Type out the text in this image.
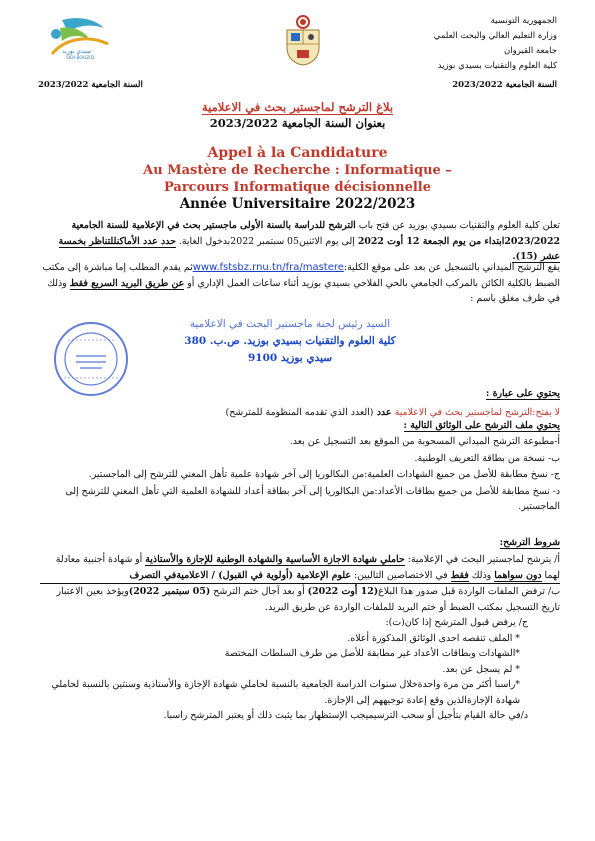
سيدي بوزيد
SIDI BOUZID
الجمهورية التونسية
وزارة التعليم العالي والبحث العلمي
جامعة القيروان
كلية العلوم والتقنيات بسيدي بوزيد
السنة الجامعية 2023/2022
السنة الجامعية 2023/2022
بلاغ الترشح لماجستير بحث في الاعلامية
بعنوان السنة الجامعية 2023/2022
Appel à la Candidature
Au Mastère de Recherche : Informatique – Parcours Informatique décisionnelle
Année Universitaire 2022/2023
تعلن كلية العلوم والتقنيات بسيدي بوزيد عن فتح باب الترشح للدراسة بالسنة الأولى ماجستير بحث في الإعلامية للسنة الجامعية 2023/2022ابتداء من يوم الجمعة 12 أوت 2022 إلى يوم الاثنين05 سبتمبر 2022بدخول الغاية. حدد عدد الأماكنللتناظر بخمسة عشر (15).
يقع الترشح الميداني بالتسجيل عن بعد على موقع الكلية:www.fstsbz.rnu.tn/fra/mastereثم يقدم المطلب إما مباشرة إلى مكتب الضبط بالكلية الكائن بالمركب الجامعي بالحي الفلاحي بسيدي بوزيد أثناء ساعات العمل الإداري أو عن طريق البريد السريع فقط وذلك في ظرف مغلق باسم :
السيد رئيس لجنة ماجستير البحث في الاعلامية
كلية العلوم والتقنيات بسيدي بوزيد. ص.ب. 380
سيدي بوزيد 9100
يحتوي على عبارة :
لا يفتح:الترشح لماجستير بحث في الاعلامية عدد (العدد الذي تقدمه المنظومة للمترشح)
يحتوي ملف الترشح على الوثائق التالية :
أ-مطبوعة الترشح الميداني المسحوبة من الموقع بعد التسجيل عن بعد.
ب- نسخة من بطاقة التعريف الوطنية.
ج- نسخ مطابقة للأصل من جميع الشهادات العلمية:من البكالوريا إلى آخر شهادة علمية تأهل المعني للترشح إلى الماجستير.
د- نسخ مطابقة للأصل من جميع بطاقات الأعداد:من البكالوريا إلى آخر بطاقة أعداد للشهادة العلمية التي تأهل المعني للترشح إلى الماجستير.
شروط الترشح:
أ/ يترشح لماجستير البحث في الإعلامية: حاملي شهادة الاجازة الأساسية والشهادة الوطنية للإجازة والأستاذية أو شهادة أجنبية معادلة لهما دون سواهما وذلك فقط في الاختصاصين التاليين: علوم الإعلامية (أولوية في القبول) / الاعلاميةفي التصرف
ب/ ترفض الملفات الواردة قبل صدور هذا البلاغ(12 أوت 2022) أو بعد آجال ختم الترشح (05 سبتمبر 2022)ويؤخذ بعين الاعتبار تاريخ التسجيل بمكتب الضبط أو ختم البريد للملفات الواردة عن طريق البريد.
ج/ يرفض قبول المترشح إذا كان(ت):
* الملف تنقصه احدى الوثائق المذكورة أعلاه.
*الشهادات وبطاقات الأعداد غير مطابقة للأصل من طرف السلطات المختصة
* لم يسجل عن بعد.
*راسبا أكثر من مرة واحدةخلال سنوات الدراسة الجامعية بالنسبة لحاملي شهادة الإجازة والأستاذية وسنتين بالنسبة لحاملي شهادة الإجازةالذين وقع إعادة توجيههم إلى الإجازة.
د/في حالة القيام بتأجيل أو سحب الترسيميجب الإستظهار بما يثبت ذلك أو يعتبر المترشح راسبا.
